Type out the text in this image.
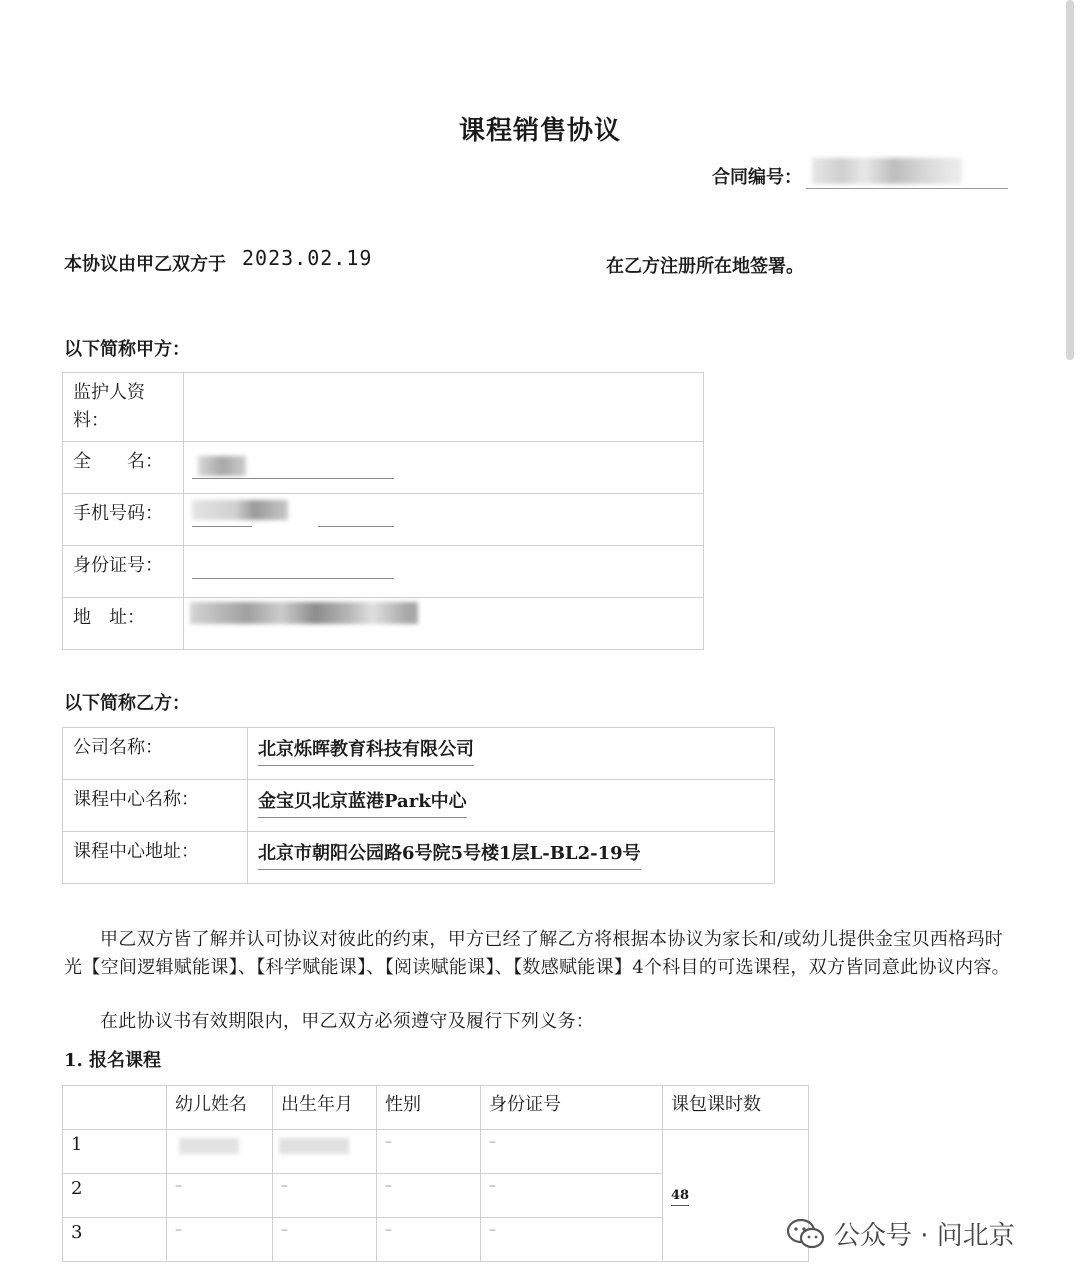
课程销售协议
合同编号：
本协议由甲乙双方于 2023.02.19	在乙方注册所在地签署。
以下简称甲方：
监护人资料：	

全　　名：	

手机号码：	

身份证号：	

地　址：	

以下简称乙方：
公司名称：	北京烁晖教育科技有限公司

课程中心名称：	金宝贝北京蓝港Park中心

课程中心地址：	北京市朝阳公园路6号院5号楼1层L-BL2-19号
甲乙双方皆了解并认可协议对彼此的约束，甲方已经了解乙方将根据本协议为家长和/或幼儿提供金宝贝西格玛时光【空间逻辑赋能课】、【科学赋能课】、【阅读赋能课】、【数感赋能课】4个科目的可选课程，双方皆同意此协议内容。
在此协议书有效期限内，甲乙双方必须遵守及履行下列义务：
1. 报名课程
	幼儿姓名	出生年月	性别	身份证号	课包课时数
1			–	–	48
2	–	–	–	–	
3	–	–	–	–		公众号 · 问北京
